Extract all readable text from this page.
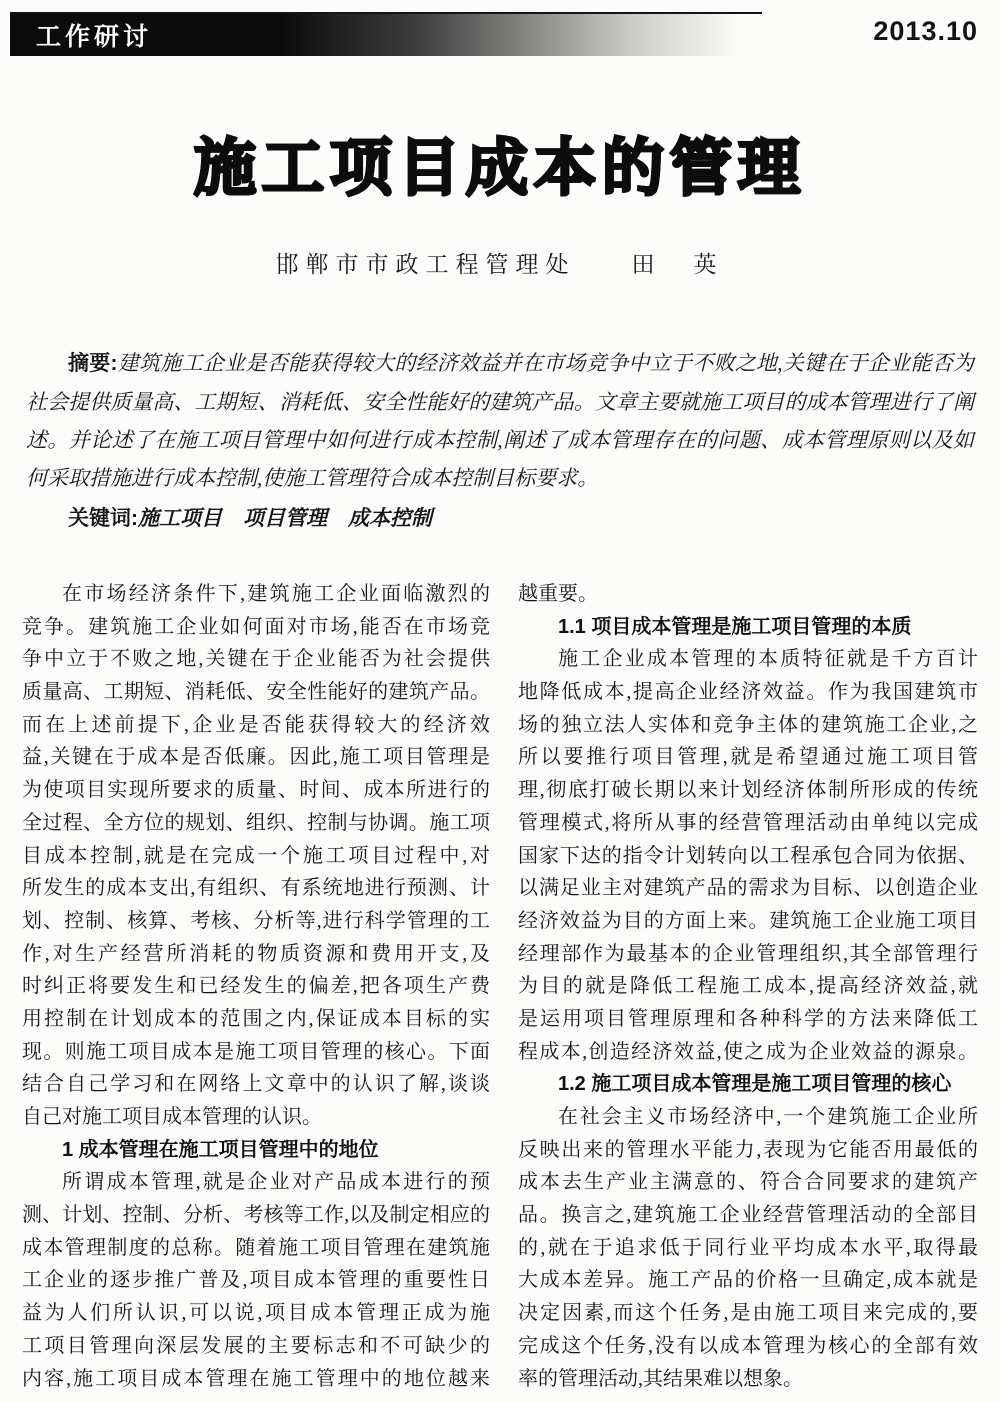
工作研讨	2013.10
施工项目成本的管理
邯郸市市政工程管理处 田　英

摘要:建筑施工企业是否能获得较大的经济效益并在市场竞争中立于不败之地,关键在于企业能否为社会提供质量高、工期短、消耗低、安全性能好的建筑产品。文章主要就施工项目的成本管理进行了阐述。并论述了在施工项目管理中如何进行成本控制,阐述了成本管理存在的问题、成本管理原则以及如何采取措施进行成本控制,使施工管理符合成本控制目标要求。

关键词:施工项目　项目管理　成本控制

在市场经济条件下,建筑施工企业面临激烈的
竞争。建筑施工企业如何面对市场,能否在市场竞
争中立于不败之地,关键在于企业能否为社会提供
质量高、工期短、消耗低、安全性能好的建筑产品。
而在上述前提下,企业是否能获得较大的经济效
益,关键在于成本是否低廉。因此,施工项目管理是
为使项目实现所要求的质量、时间、成本所进行的
全过程、全方位的规划、组织、控制与协调。施工项
目成本控制,就是在完成一个施工项目过程中,对
所发生的成本支出,有组织、有系统地进行预测、计
划、控制、核算、考核、分析等,进行科学管理的工
作,对生产经营所消耗的物质资源和费用开支,及
时纠正将要发生和已经发生的偏差,把各项生产费
用控制在计划成本的范围之内,保证成本目标的实
现。则施工项目成本是施工项目管理的核心。下面
结合自己学习和在网络上文章中的认识了解,谈谈
自己对施工项目成本管理的认识。
1 成本管理在施工项目管理中的地位
所谓成本管理,就是企业对产品成本进行的预
测、计划、控制、分析、考核等工作,以及制定相应的
成本管理制度的总称。随着施工项目管理在建筑施
工企业的逐步推广普及,项目成本管理的重要性日
益为人们所认识,可以说,项目成本管理正成为施
工项目管理向深层发展的主要标志和不可缺少的
内容,施工项目成本管理在施工管理中的地位越来
越重要。
1.1 项目成本管理是施工项目管理的本质
施工企业成本管理的本质特征就是千方百计
地降低成本,提高企业经济效益。作为我国建筑市
场的独立法人实体和竞争主体的建筑施工企业,之
所以要推行项目管理,就是希望通过施工项目管
理,彻底打破长期以来计划经济体制所形成的传统
管理模式,将所从事的经营管理活动由单纯以完成
国家下达的指令计划转向以工程承包合同为依据、
以满足业主对建筑产品的需求为目标、以创造企业
经济效益为目的方面上来。建筑施工企业施工项目
经理部作为最基本的企业管理组织,其全部管理行
为目的就是降低工程施工成本,提高经济效益,就
是运用项目管理原理和各种科学的方法来降低工
程成本,创造经济效益,使之成为企业效益的源泉。
1.2 施工项目成本管理是施工项目管理的核心
在社会主义市场经济中,一个建筑施工企业所
反映出来的管理水平能力,表现为它能否用最低的
成本去生产业主满意的、符合合同要求的建筑产
品。换言之,建筑施工企业经营管理活动的全部目
的,就在于追求低于同行业平均成本水平,取得最
大成本差异。施工产品的价格一旦确定,成本就是
决定因素,而这个任务,是由施工项目来完成的,要
完成这个任务,没有以成本管理为核心的全部有效
率的管理活动,其结果难以想象。
